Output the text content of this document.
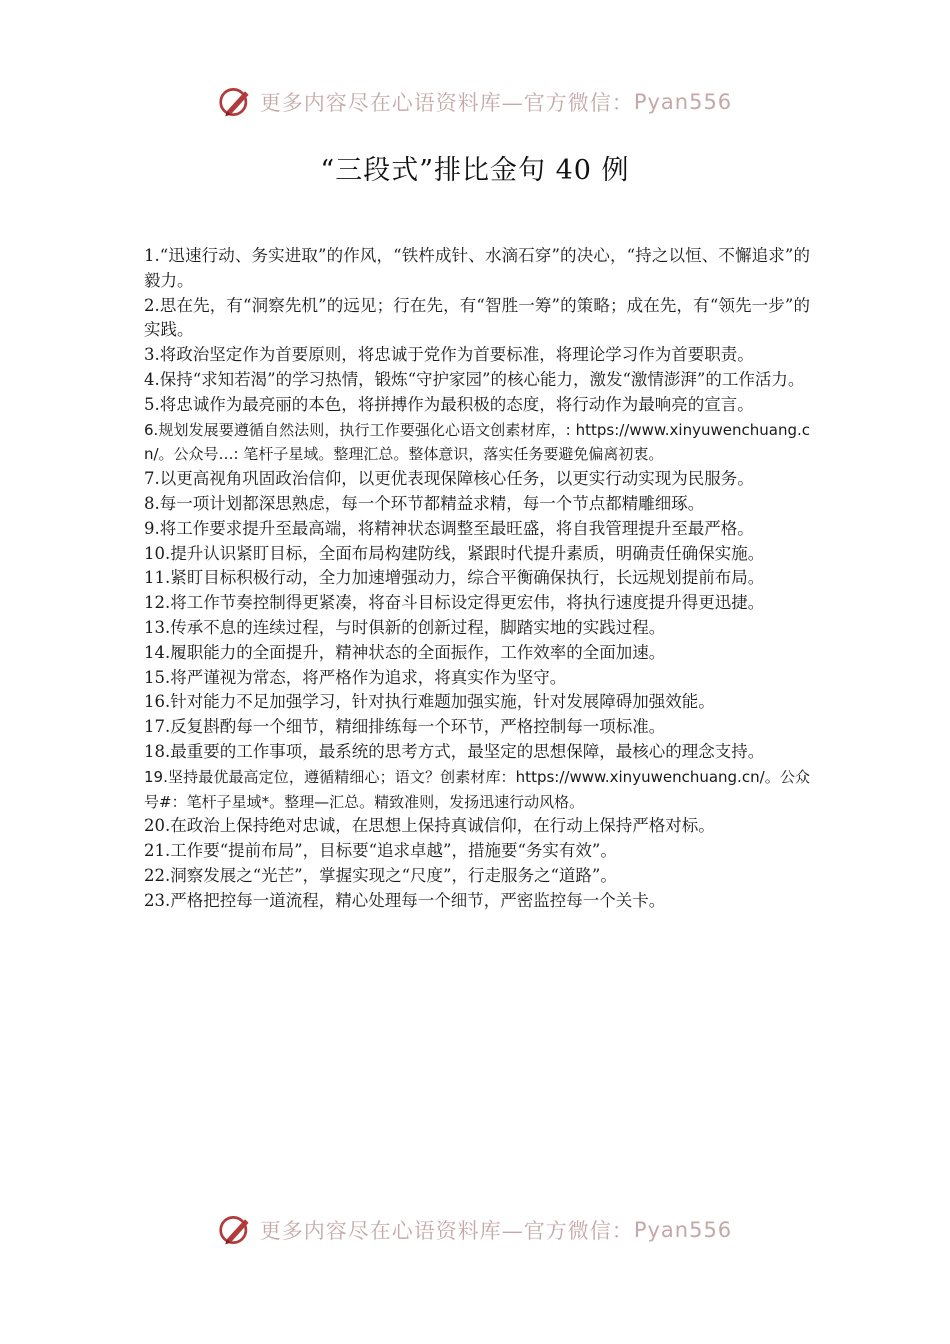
更多内容尽在心语资料库—官方微信： Pyan556
“三段式”排比金句 40 例

1.“迅速行动、务实进取”的作风，“铁杵成针、水滴石穿”的决心，“持之以恒、不懈追求”的毅力。

2.思在先，有“洞察先机”的远见；行在先，有“智胜一筹”的策略；成在先，有“领先一步”的实践。

3.将政治坚定作为首要原则，将忠诚于党作为首要标准，将理论学习作为首要职责。

4.保持“求知若渴”的学习热情，锻炼“守护家园”的核心能力，激发“激情澎湃”的工作活力。

5.将忠诚作为最亮丽的本色，将拼搏作为最积极的态度，将行动作为最响亮的宣言。

6.规划发展要遵循自然法则，执行工作要强化心语文创素材库，: https://www.xinyuwenchuang.cn/。公众号…: 笔杆子星域。整理汇总。整体意识，落实任务要避免偏离初衷。

7.以更高视角巩固政治信仰，以更优表现保障核心任务，以更实行动实现为民服务。

8.每一项计划都深思熟虑，每一个环节都精益求精，每一个节点都精雕细琢。

9.将工作要求提升至最高端，将精神状态调整至最旺盛，将自我管理提升至最严格。

10.提升认识紧盯目标，全面布局构建防线，紧跟时代提升素质，明确责任确保实施。

11.紧盯目标积极行动，全力加速增强动力，综合平衡确保执行，长远规划提前布局。

12.将工作节奏控制得更紧凑，将奋斗目标设定得更宏伟，将执行速度提升得更迅捷。

13.传承不息的连续过程，与时俱新的创新过程，脚踏实地的实践过程。

14.履职能力的全面提升，精神状态的全面振作，工作效率的全面加速。

15.将严谨视为常态，将严格作为追求，将真实作为坚守。

16.针对能力不足加强学习，针对执行难题加强实施，针对发展障碍加强效能。

17.反复斟酌每一个细节，精细排练每一个环节，严格控制每一项标准。

18.最重要的工作事项，最系统的思考方式，最坚定的思想保障，最核心的理念支持。

19.坚持最优最高定位，遵循精细心；语文？创素材库：https://www.xinyuwenchuang.cn/。公众号#：笔杆子星域*。整理—汇总。精致准则，发扬迅速行动风格。

20.在政治上保持绝对忠诚，在思想上保持真诚信仰，在行动上保持严格对标。

21.工作要“提前布局”，目标要“追求卓越”，措施要“务实有效”。

22.洞察发展之“光芒”，掌握实现之“尺度”，行走服务之“道路”。

23.严格把控每一道流程，精心处理每一个细节，严密监控每一个关卡。

更多内容尽在心语资料库—官方微信： Pyan556
